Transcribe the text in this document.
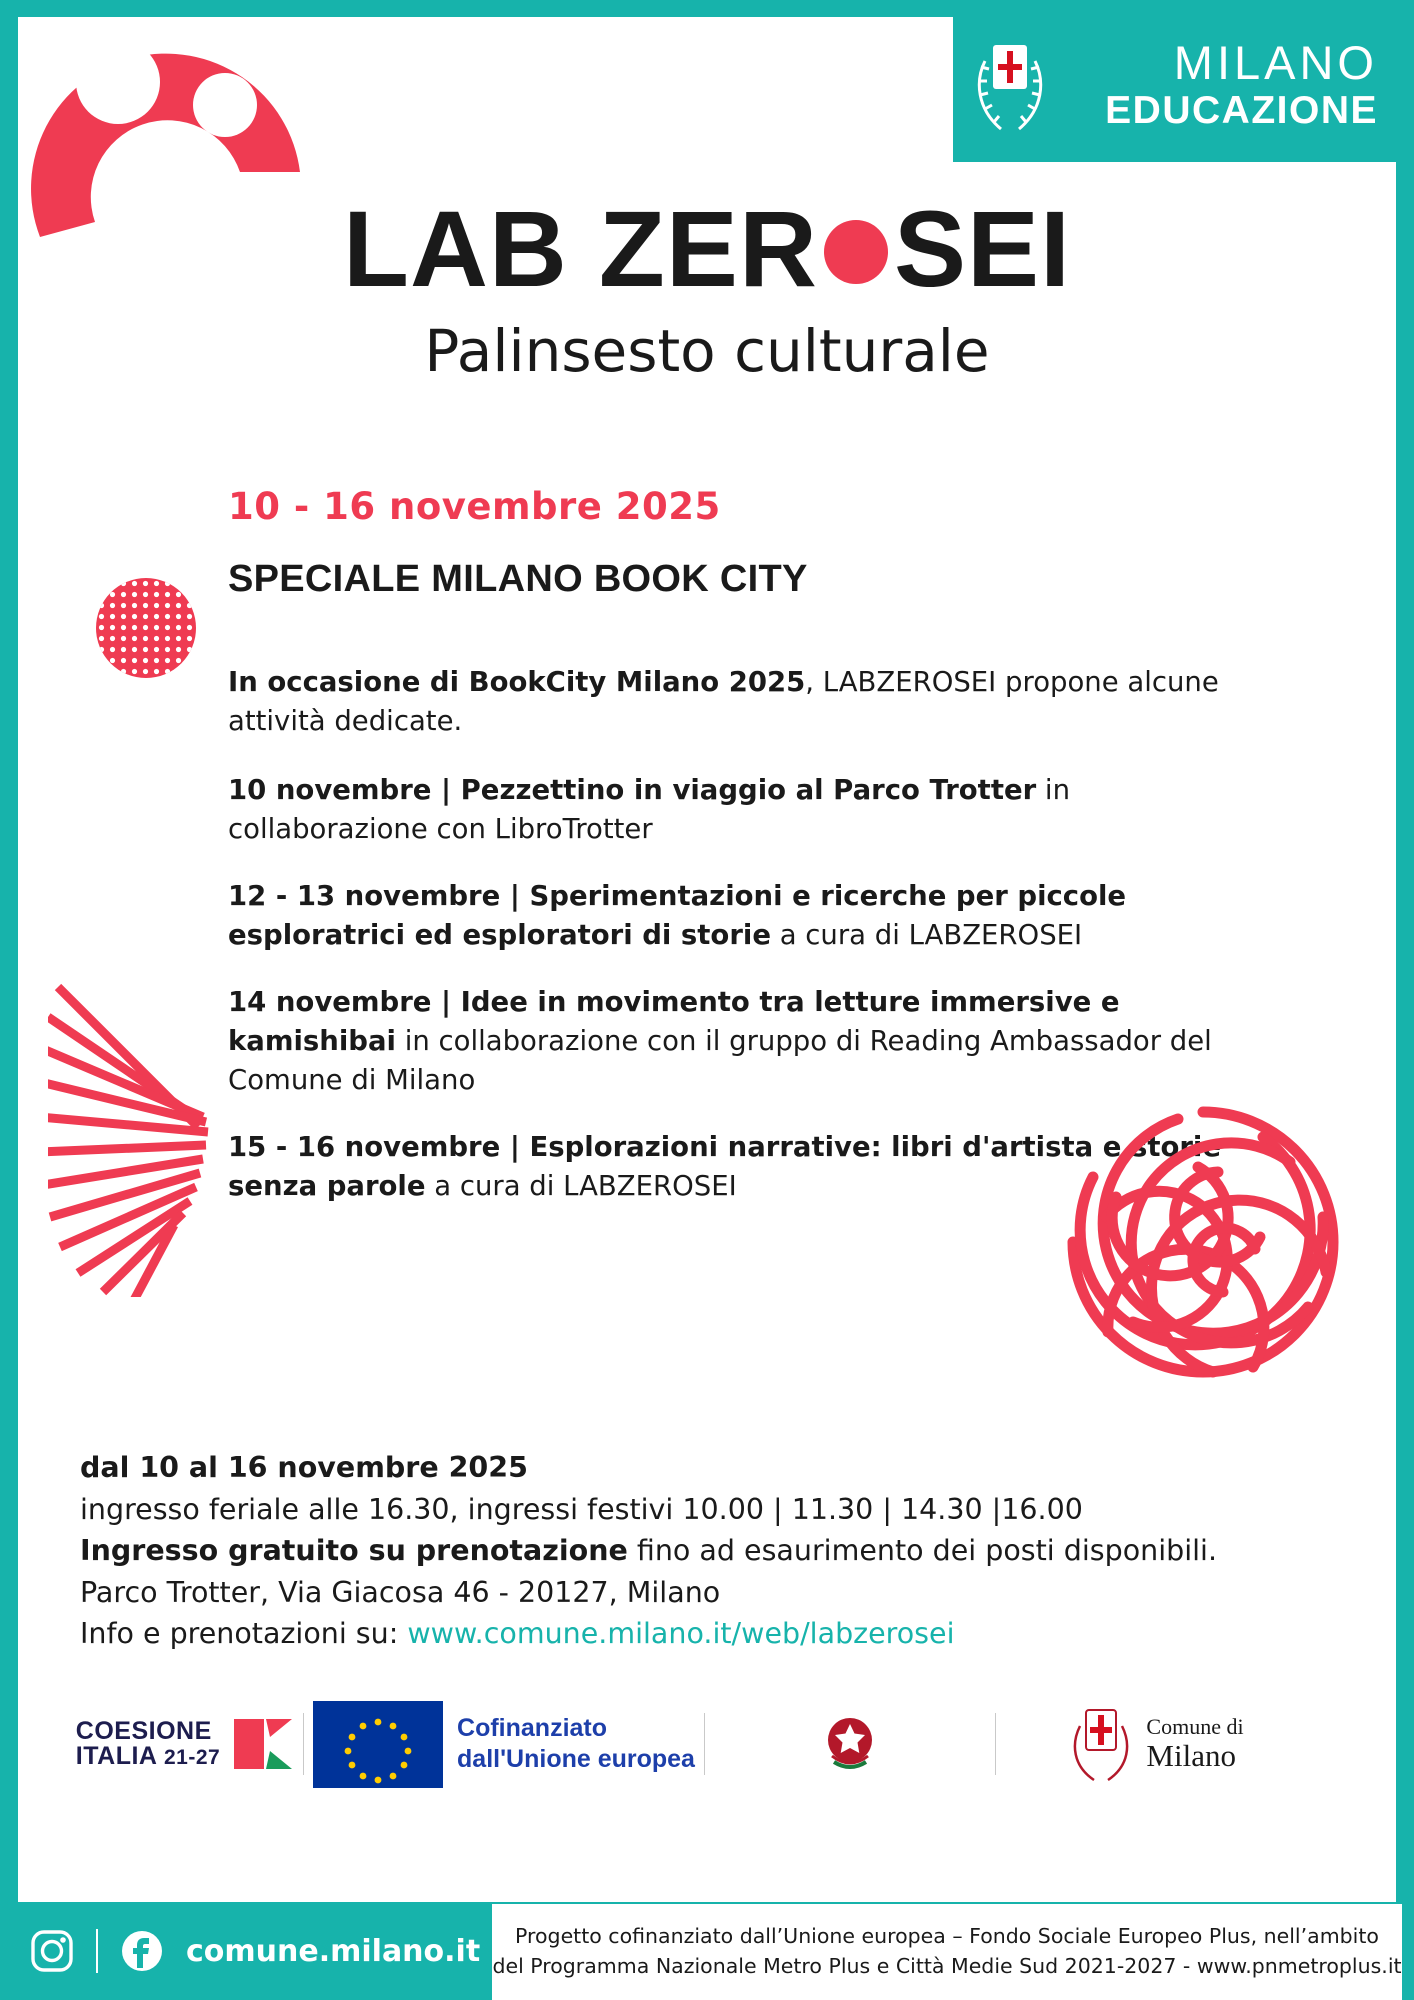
MILANO
EDUCAZIONE
LAB ZER SEI
Palinsesto culturale
10 - 16 novembre 2025
SPECIALE MILANO BOOK CITY
In occasione di BookCity Milano 2025, LABZEROSEI propone alcune attività dedicate.
10 novembre | Pezzettino in viaggio al Parco Trotter in collaborazione con LibroTrotter
12 - 13 novembre | Sperimentazioni e ricerche per piccole esploratrici ed esploratori di storie a cura di LABZEROSEI
14 novembre | Idee in movimento tra letture immersive e kamishibai in collaborazione con il gruppo di Reading Ambassador del Comune di Milano
15 - 16 novembre | Esplorazioni narrative: libri d'artista e storie senza parole a cura di LABZEROSEI
dal 10 al 16 novembre 2025
ingresso feriale alle 16.30, ingressi festivi 10.00 | 11.30 | 14.30 |16.00
Ingresso gratuito su prenotazione fino ad esaurimento dei posti disponibili.
Parco Trotter, Via Giacosa 46 - 20127, Milano
Info e prenotazioni su: www.comune.milano.it/web/labzerosei
COESIONE
ITALIA 21-27
Cofinanziato
dall'Unione europea
Comune di
Milano
comune.milano.it	Progetto cofinanziato dall’Unione europea – Fondo Sociale Europeo Plus, nell’ambito
del Programma Nazionale Metro Plus e Città Medie Sud 2021-2027 - www.pnmetroplus.it
